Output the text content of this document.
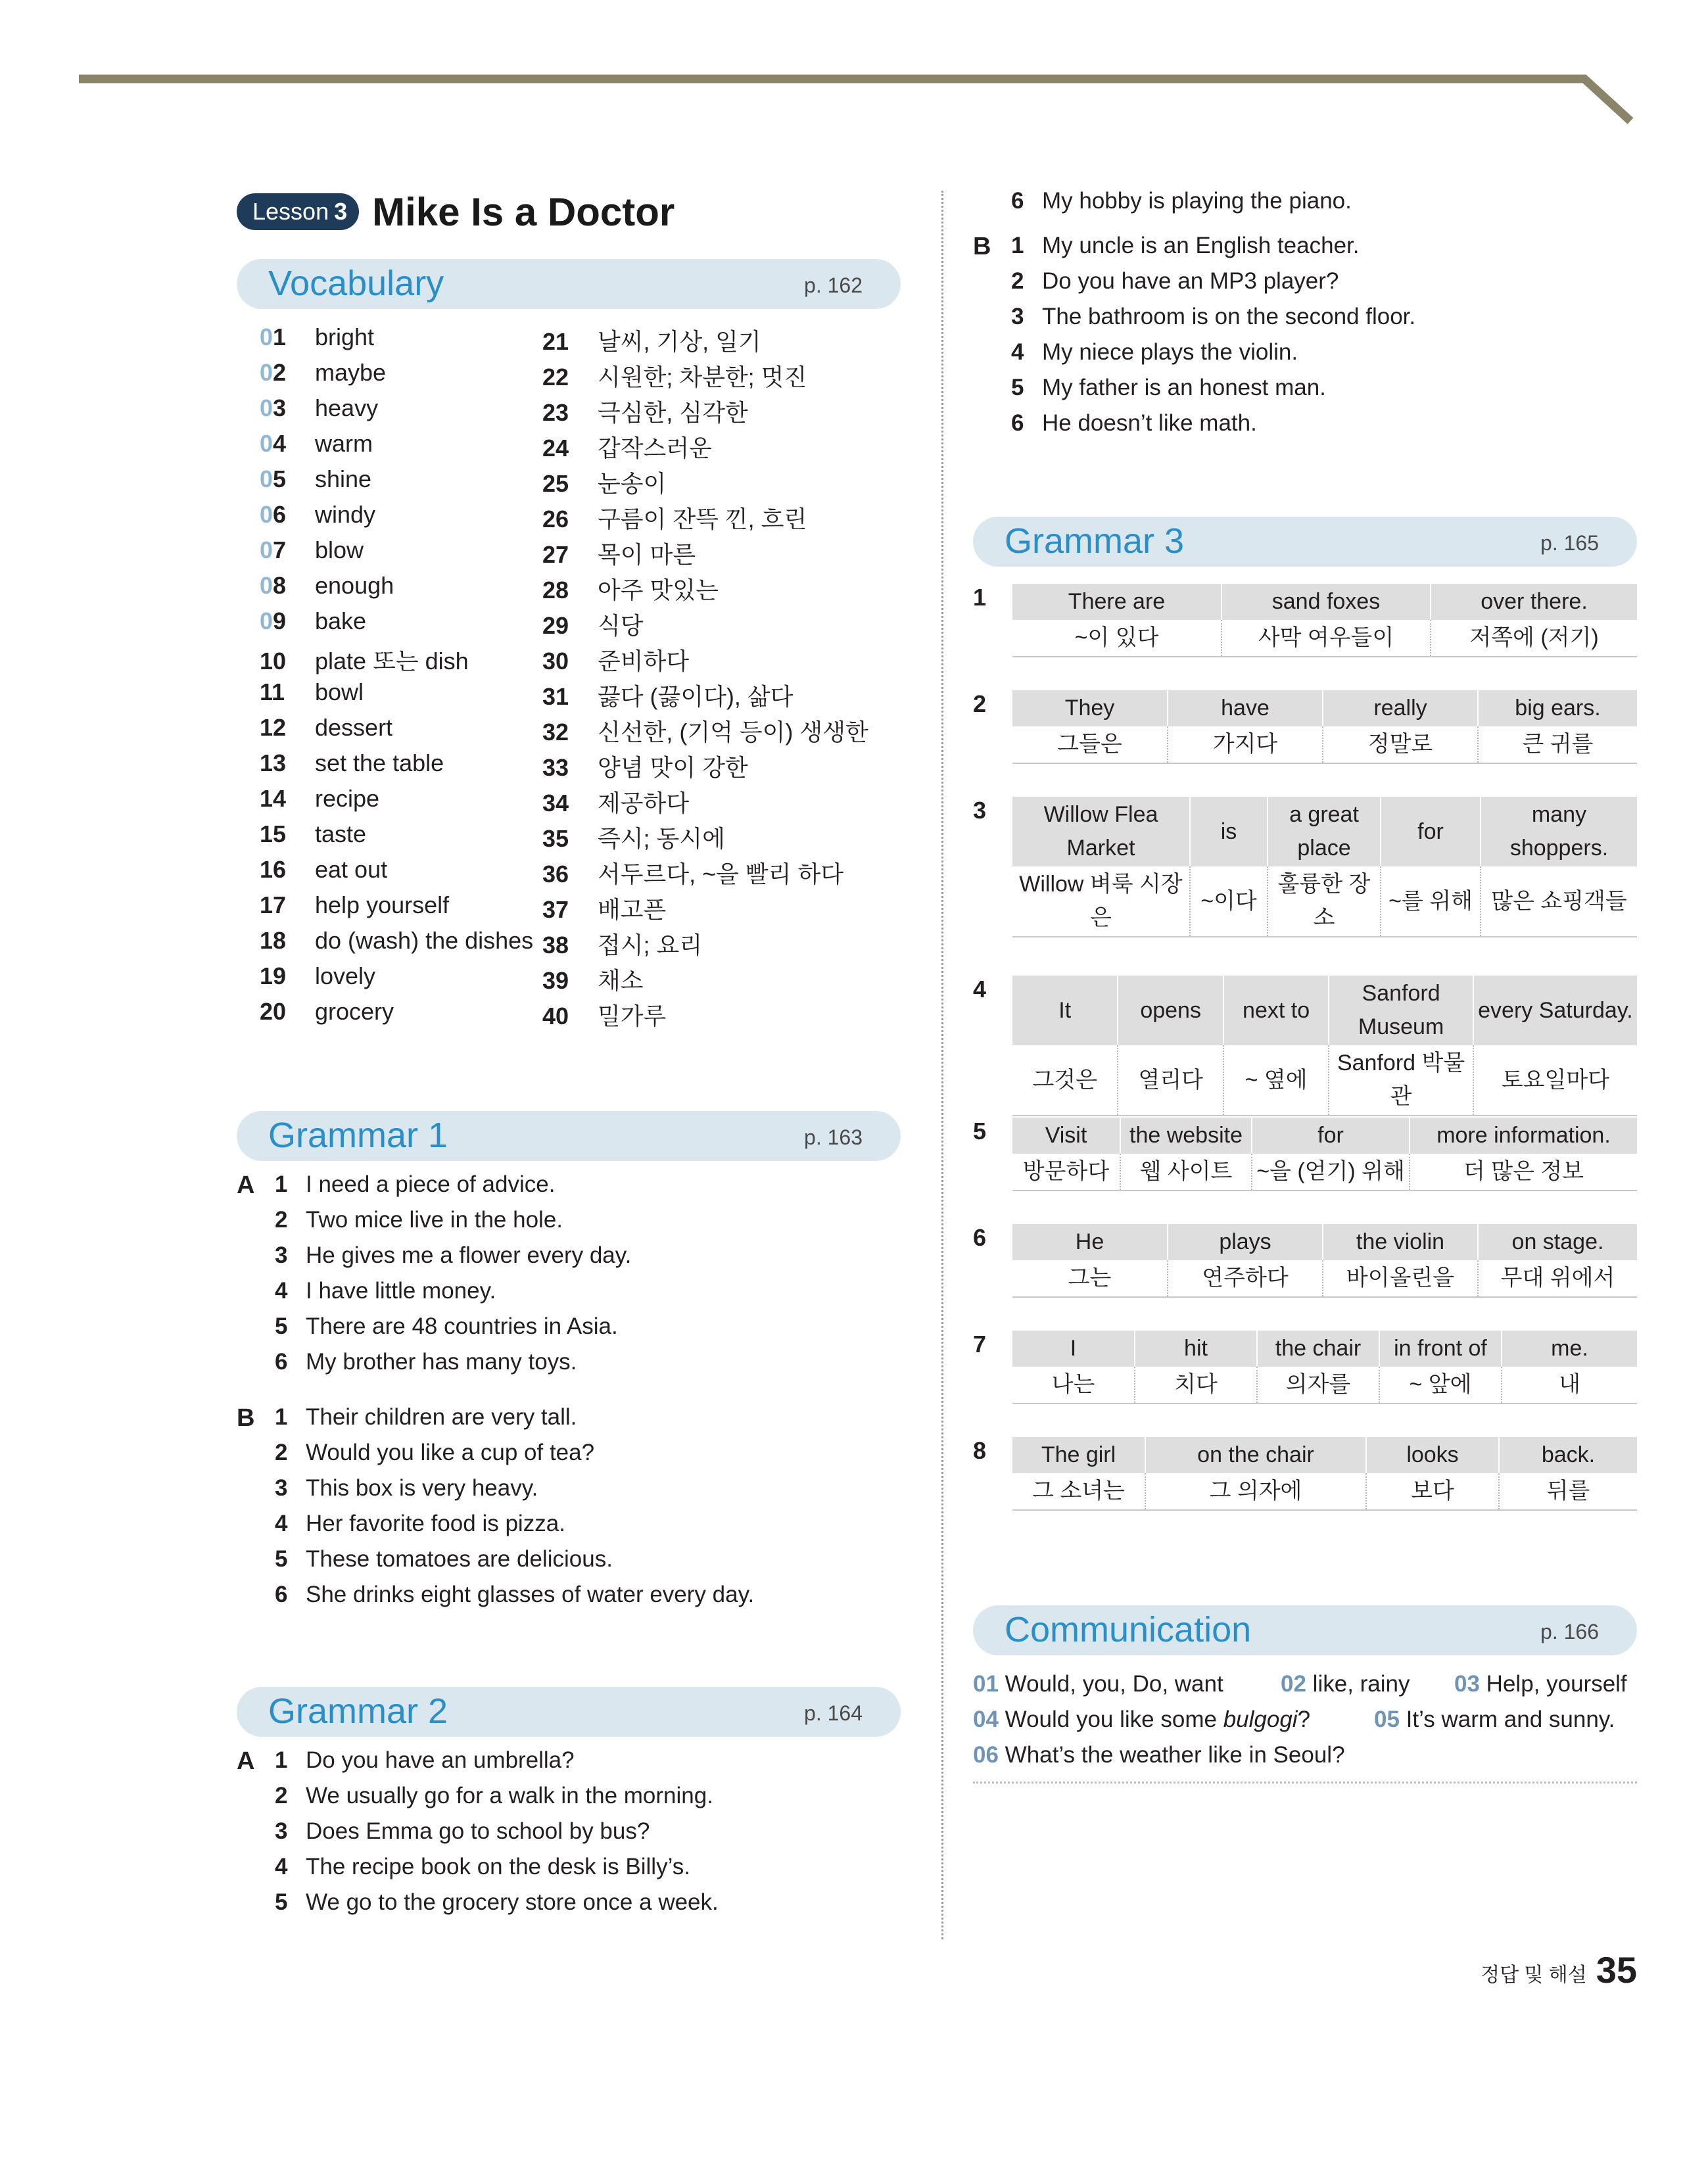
Lesson 3 Mike Is a Doctor
Vocabulary	p. 162
01 bright
02 maybe
03 heavy
04 warm
05 shine
06 windy
07 blow
08 enough
09 bake
10 plate 또는 dish
11 bowl
12 dessert
13 set the table
14 recipe
15 taste
16 eat out
17 help yourself
18 do (wash) the dishes
19 lovely
20 grocery
21 날씨, 기상, 일기
22 시원한; 차분한; 멋진
23 극심한, 심각한
24 갑작스러운
25 눈송이
26 구름이 잔뜩 낀, 흐린
27 목이 마른
28 아주 맛있는
29 식당
30 준비하다
31 끓다 (끓이다), 삶다
32 신선한, (기억 등이) 생생한
33 양념 맛이 강한
34 제공하다
35 즉시; 동시에
36 서두르다, ~을 빨리 하다
37 배고픈
38 접시; 요리
39 채소
40 밀가루
Grammar 1	p. 163
A 1 I need a piece of advice.
2 Two mice live in the hole.
3 He gives me a flower every day.
4 I have little money.
5 There are 48 countries in Asia.
6 My brother has many toys.
B 1 Their children are very tall.
2 Would you like a cup of tea?
3 This box is very heavy.
4 Her favorite food is pizza.
5 These tomatoes are delicious.
6 She drinks eight glasses of water every day.
Grammar 2	p. 164
A 1 Do you have an umbrella?
2 We usually go for a walk in the morning.
3 Does Emma go to school by bus?
4 The recipe book on the desk is Billy’s.
5 We go to the grocery store once a week.
6 My hobby is playing the piano.
B 1 My uncle is an English teacher.
2 Do you have an MP3 player?
3 The bathroom is on the second floor.
4 My niece plays the violin.
5 My father is an honest man.
6 He doesn’t like math.
Grammar 3	p. 165
1	There are	sand foxes	over there.
~이 있다	사막 여우들이	저쪽에 (저기)
2	They	have	really	big ears.
그들은	가지다	정말로	큰 귀를
3	Willow Flea Market	is	a great place	for	many shoppers.
Willow 벼룩 시장은	~이다	훌륭한 장소	~를 위해	많은 쇼핑객들
4
It	opens	next to	Sanford Museum	every Saturday.
그것은	열리다	~ 옆에	Sanford 박물관	토요일마다
5	Visit	the website	for	more information.
방문하다	웹 사이트	~을 (얻기) 위해	더 많은 정보
6	He	plays	the violin	on stage.
그는	연주하다	바이올린을	무대 위에서
7	I	hit	the chair	in front of	me.
나는	치다	의자를	~ 앞에	내
8 The girl	on the chair	looks	back.
그 소녀는	그 의자에	보다	뒤를
Communication	p. 166
01 Would, you, Do, want 02 like, rainy 03 Help, yourself
04 Would you like some bulgogi?	05 It’s warm and sunny.
06 What’s the weather like in Seoul?
정답 및 해설 35
